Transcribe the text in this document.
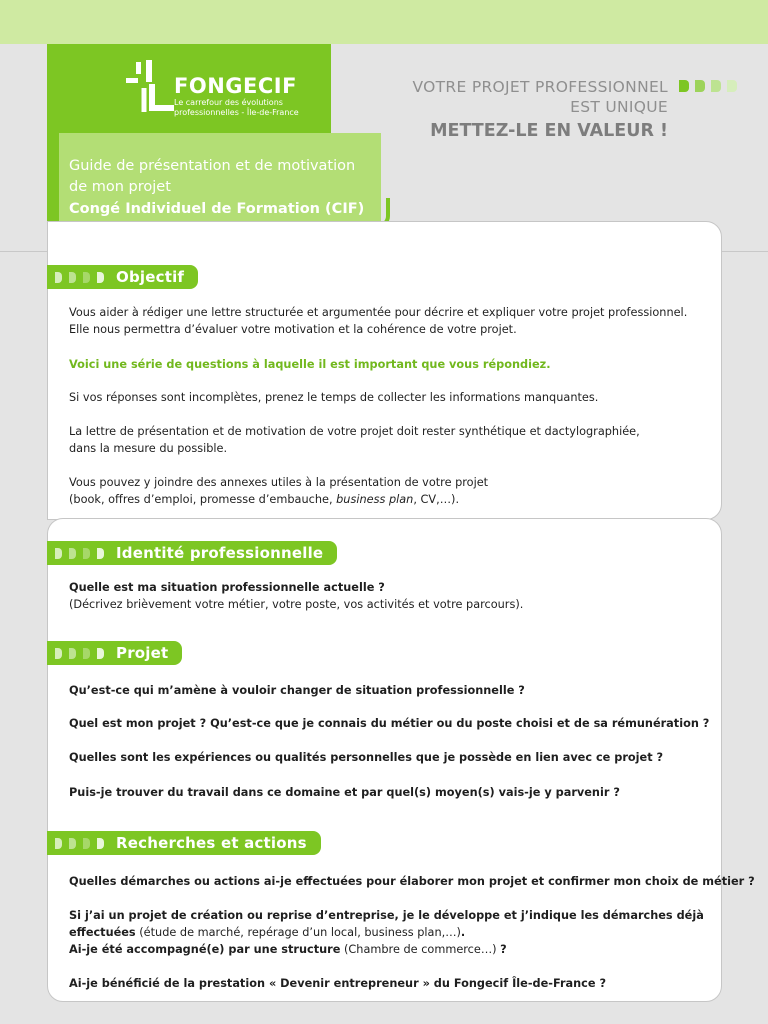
FONGECIF
Le carrefour des évolutions
professionnelles - Île-de-France
Guide de présentation et de motivation
de mon projet
Congé Individuel de Formation (CIF)
VOTRE PROJET PROFESSIONNEL
EST UNIQUE
METTEZ-LE EN VALEUR !
Objectif
Vous aider à rédiger une lettre structurée et argumentée pour décrire et expliquer votre projet professionnel.
Elle nous permettra d’évaluer votre motivation et la cohérence de votre projet.
Voici une série de questions à laquelle il est important que vous répondiez.
Si vos réponses sont incomplètes, prenez le temps de collecter les informations manquantes.
La lettre de présentation et de motivation de votre projet doit rester synthétique et dactylographiée,
dans la mesure du possible.
Vous pouvez y joindre des annexes utiles à la présentation de votre projet
(book, offres d’emploi, promesse d’embauche, business plan, CV,…).
Identité professionnelle
Quelle est ma situation professionnelle actuelle ?
(Décrivez brièvement votre métier, votre poste, vos activités et votre parcours).
Projet
Qu’est-ce qui m’amène à vouloir changer de situation professionnelle ?
Quel est mon projet ? Qu’est-ce que je connais du métier ou du poste choisi et de sa rémunération ?
Quelles sont les expériences ou qualités personnelles que je possède en lien avec ce projet ?
Puis-je trouver du travail dans ce domaine et par quel(s) moyen(s) vais-je y parvenir ?
Recherches et actions
Quelles démarches ou actions ai-je effectuées pour élaborer mon projet et confirmer mon choix de métier ?
Si j’ai un projet de création ou reprise d’entreprise, je le développe et j’indique les démarches déjà
effectuées (étude de marché, repérage d’un local, business plan,…).
Ai-je été accompagné(e) par une structure (Chambre de commerce…) ?
Ai-je bénéficié de la prestation « Devenir entrepreneur » du Fongecif Île-de-France ?
